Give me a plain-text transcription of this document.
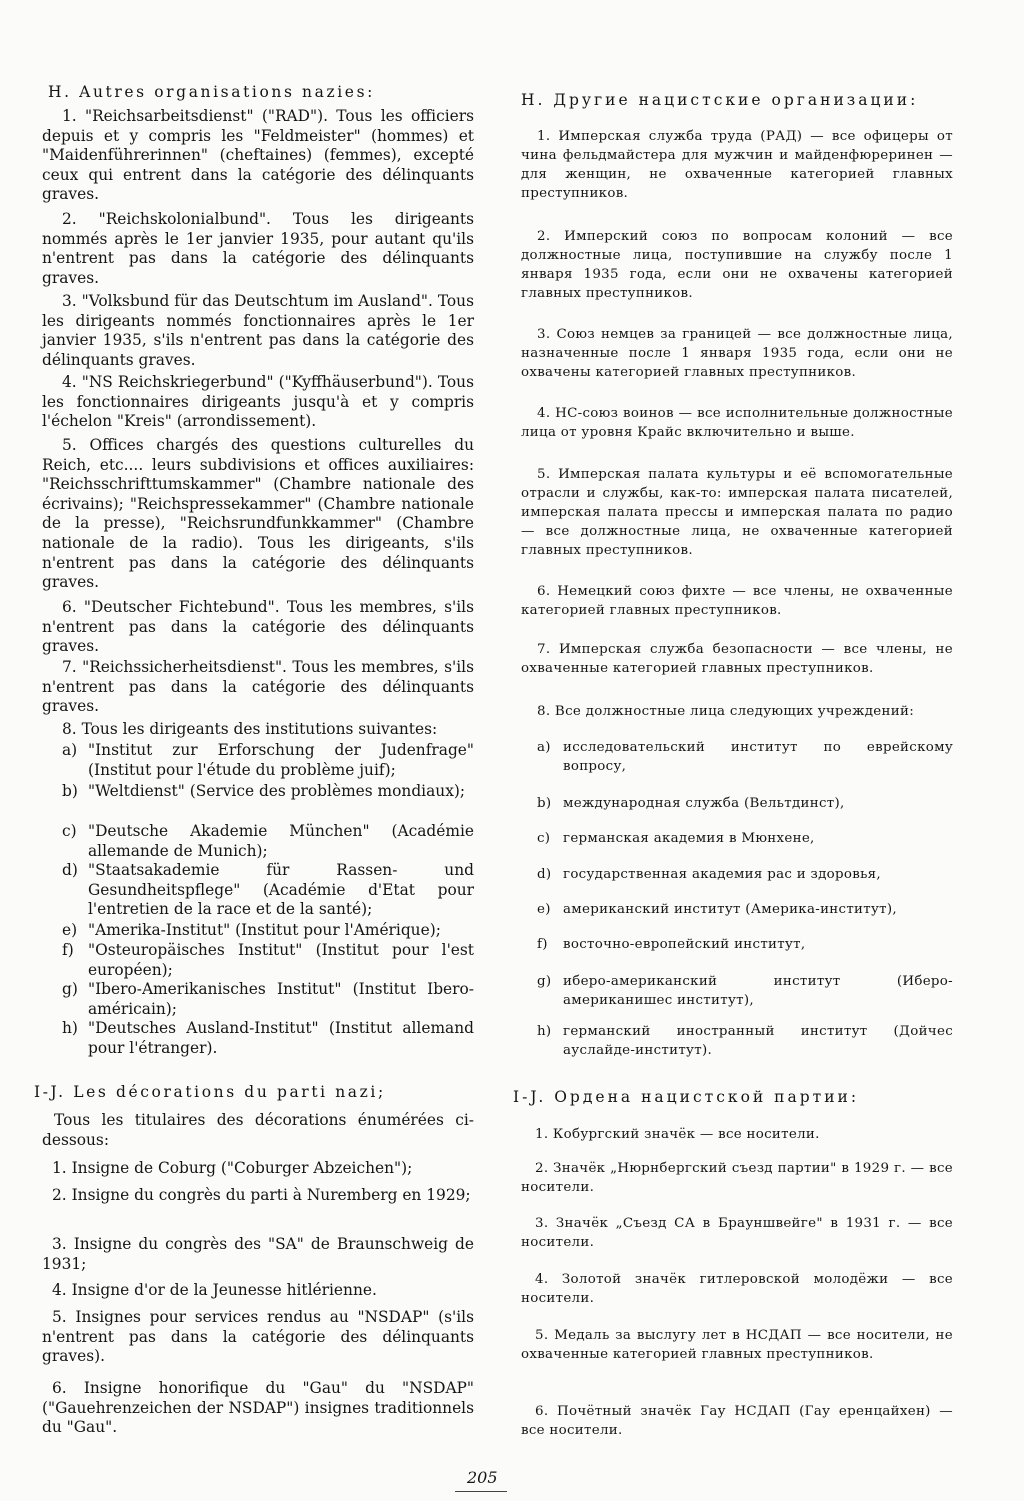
H. Autres organisations nazies:
1. "Reichsarbeitsdienst" ("RAD"). Tous les officiers depuis et y compris les "Feldmeister" (hommes) et "Maidenführerinnen" (cheftaines) (femmes), excepté ceux qui entrent dans la catégorie des délinquants graves.
2. "Reichskolonialbund". Tous les dirigeants nommés après le 1er janvier 1935, pour autant qu'ils n'entrent pas dans la catégorie des délinquants graves.
3. "Volksbund für das Deutschtum im Ausland". Tous les dirigeants nommés fonctionnaires après le 1er janvier 1935, s'ils n'entrent pas dans la catégorie des délinquants graves.
4. "NS Reichskriegerbund" ("Kyffhäuserbund"). Tous les fonctionnaires dirigeants jusqu'à et y compris l'échelon "Kreis" (arrondissement).
5. Offices chargés des questions culturelles du Reich, etc.... leurs subdivisions et offices auxiliaires: "Reichsschrifttumskammer" (Chambre nationale des écrivains); "Reichspressekammer" (Chambre nationale de la presse), "Reichsrundfunkkammer" (Chambre nationale de la radio). Tous les dirigeants, s'ils n'entrent pas dans la catégorie des délinquants graves.
6. "Deutscher Fichtebund". Tous les membres, s'ils n'entrent pas dans la catégorie des délinquants graves.
7. "Reichssicherheitsdienst". Tous les membres, s'ils n'entrent pas dans la catégorie des délinquants graves.
8. Tous les dirigeants des institutions suivantes:
a) "Institut zur Erforschung der Judenfrage" (Institut pour l'étude du problème juif);
b) "Weltdienst" (Service des problèmes mondiaux);
c) "Deutsche Akademie München" (Académie allemande de Munich);
d) "Staatsakademie für Rassen- und Gesundheitspflege" (Académie d'Etat pour l'entretien de la race et de la santé);
e) "Amerika-Institut" (Institut pour l'Amérique);
f) "Osteuropäisches Institut" (Institut pour l'est européen);
g) "Ibero-Amerikanisches Institut" (Institut Ibero-américain);
h) "Deutsches Ausland-Institut" (Institut allemand pour l'étranger).
I-J. Les décorations du parti nazi;
Tous les titulaires des décorations énumérées ci-dessous:
1. Insigne de Coburg ("Coburger Abzeichen");
2. Insigne du congrès du parti à Nuremberg en 1929;
3. Insigne du congrès des "SA" de Braunschweig de 1931;
4. Insigne d'or de la Jeunesse hitlérienne.
5. Insignes pour services rendus au "NSDAP" (s'ils n'entrent pas dans la catégorie des délinquants graves).
6. Insigne honorifique du "Gau" du "NSDAP" ("Gauehrenzeichen der NSDAP") insignes traditionnels du "Gau".
Н. Другие нацистские организации:
1. Имперская служба труда (РАД) — все офицеры от чина фельдмайстера для мужчин и майденфюреринен — для женщин, не охваченные категорией главных преступников.
2. Имперский союз по вопросам колоний — все должностные лица, поступившие на службу после 1 января 1935 года, если они не охвачены категорией главных преступников.
3. Союз немцев за границей — все должностные лица, назначенные после 1 января 1935 года, если они не охвачены категорией главных преступников.
4. НС-союз воинов — все исполнительные должностные лица от уровня Крайс включительно и выше.
5. Имперская палата культуры и её вспомогательные отрасли и службы, как-то: имперская палата писателей, имперская палата прессы и имперская палата по радио — все должностные лица, не охваченные категорией главных преступников.
6. Немецкий союз фихте — все члены, не охваченные категорией главных преступников.
7. Имперская служба безопасности — все члены, не охваченные категорией главных преступников.
8. Все должностные лица следующих учреждений:
a) исследовательский институт по еврейскому вопросу,
b) международная служба (Вельтдинст),
c) германская академия в Мюнхене,
d) государственная академия рас и здоровья,
e) американский институт (Америка-институт),
f)	восточно-европейский институт,
g) иберо-американский институт (Иберо-американишес институт),
h) германский иностранный институт (Дойчес ауслайде-институт).
I-J. Ордена нацистской партии:
1. Кобургский значёк — все носители.
2. Значёк „Нюрнбергский съезд партии" в 1929 г. — все носители.
3. Значёк „Съезд СА в Брауншвейге" в 1931 г. — все носители.
4. Золотой значёк гитлеровской молодёжи — все носители.
5. Медаль за выслугу лет в НСДАП — все носители, не охваченные категорией главных преступников.
6. Почётный значёк Гау НСДАП (Гау еренцайхен) — все носители.
205
